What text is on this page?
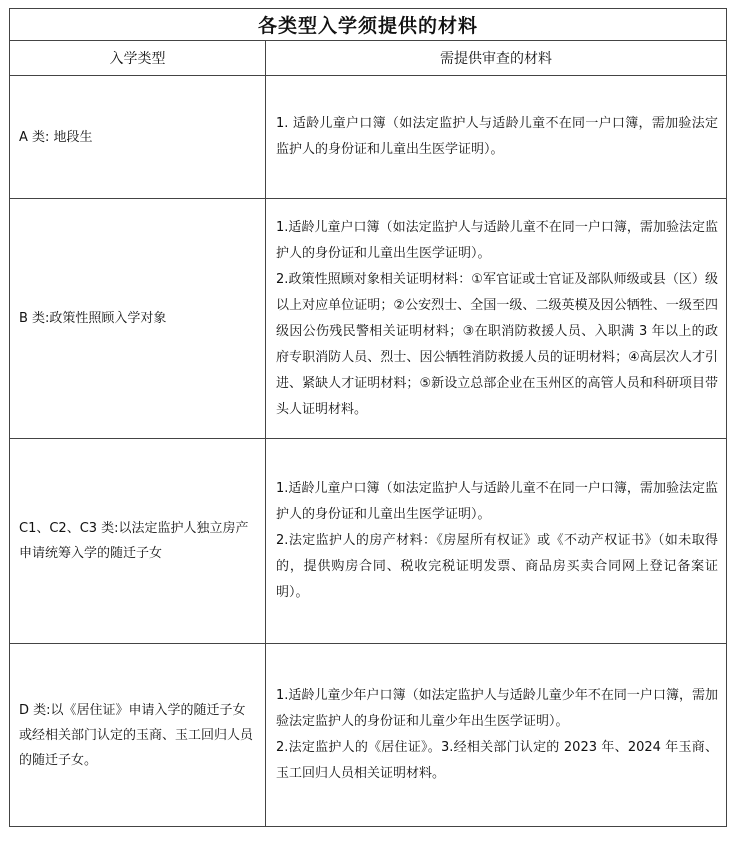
各类型入学须提供的材料	
入学类型	需提供审查的材料
A 类: 地段生	1. 适龄儿童户口簿（如法定监护人与适龄儿童不在同一户口簿，需加验法定监护人的身份证和儿童出生医学证明）。

B 类:政策性照顾入学对象	1.适龄儿童户口簿（如法定监护人与适龄儿童不在同一户口簿，需加验法定监护人的身份证和儿童出生医学证明）。

2.政策性照顾对象相关证明材料：①军官证或士官证及部队师级或县（区）级以上对应单位证明；②公安烈士、全国一级、二级英模及因公牺牲、一级至四级因公伤残民警相关证明材料；③在职消防救援人员、入职满 3 年以上的政府专职消防人员、烈士、因公牺牲消防救援人员的证明材料；④高层次人才引进、紧缺人才证明材料；⑤新设立总部企业在玉州区的高管人员和科研项目带头人证明材料。

C1、C2、C3 类:以法定监护人独立房产申请统筹入学的随迁子女	1.适龄儿童户口簿（如法定监护人与适龄儿童不在同一户口簿，需加验法定监护人的身份证和儿童出生医学证明）。

2.法定监护人的房产材料：《房屋所有权证》或《不动产权证书》（如未取得的，提供购房合同、税收完税证明发票、商品房买卖合同网上登记备案证明）。

D 类:以《居住证》申请入学的随迁子女或经相关部门认定的玉商、玉工回归人员的随迁子女。	1.适龄儿童少年户口簿（如法定监护人与适龄儿童少年不在同一户口簿，需加验法定监护人的身份证和儿童少年出生医学证明）。

2.法定监护人的《居住证》。3.经相关部门认定的 2023 年、2024 年玉商、玉工回归人员相关证明材料。
